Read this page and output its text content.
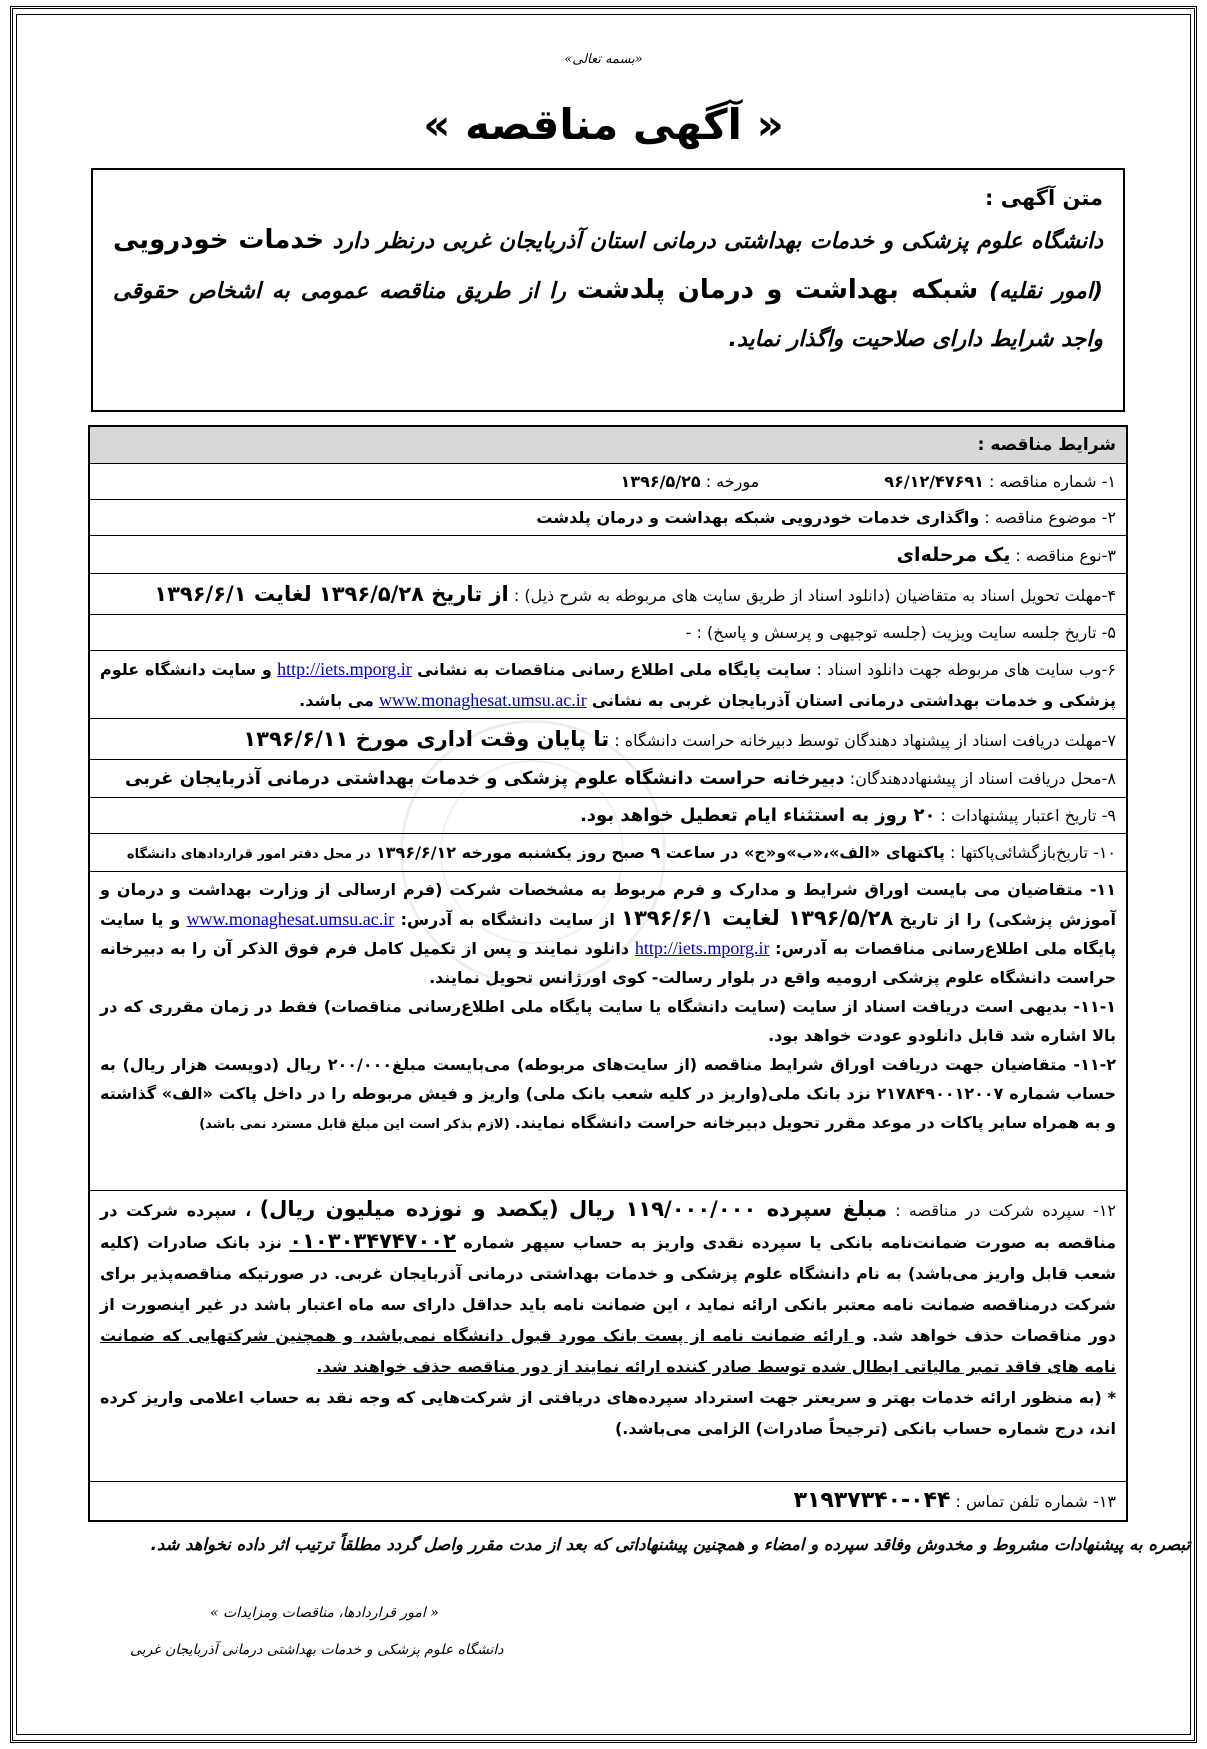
«بسمه تعالی»
« آگهی مناقصه »
متن آگهی :
دانشگاه علوم پزشکی و خدمات بهداشتی درمانی استان آذربایجان غربی درنظر دارد خدمات خودرویی (امور نقلیه) شبکه بهداشت و درمان پلدشت را از طریق مناقصه عمومی به اشخاص حقوقی واجد شرایط دارای صلاحیت واگذار نماید.
شرایط مناقصه :
۱- شماره مناقصه : ۹۶/۱۲/۴۷۶۹۱ مورخه : ۱۳۹۶/۵/۲۵
۲- موضوع مناقصه : واگذاری خدمات خودرویی شبکه بهداشت و درمان پلدشت
۳-نوع مناقصه : یک مرحله‌ای
۴-مهلت تحویل اسناد به متقاضیان (دانلود اسناد از طریق سایت های مربوطه به شرح ذیل) : از تاریخ ۱۳۹۶/۵/۲۸ لغایت ۱۳۹۶/۶/۱
۵- تاریخ جلسه سایت ویزیت (جلسه توجیهی و پرسش و پاسخ) : -
۶-وب سایت های مربوطه جهت دانلود اسناد : سایت پایگاه ملی اطلاع رسانی مناقصات به نشانی http://iets.mporg.ir و سایت دانشگاه علوم پزشکی و خدمات بهداشتی درمانی استان آذربایجان غربی به نشانی www.monaghesat.umsu.ac.ir می باشد.
۷-مهلت دریافت اسناد از پیشنهاد دهندگان توسط دبیرخانه حراست دانشگاه : تا پایان وقت اداری مورخ ۱۳۹۶/۶/۱۱
۸-محل دریافت اسناد از پیشنهاددهندگان: دبیرخانه حراست دانشگاه علوم پزشکی و خدمات بهداشتی درمانی آذربایجان غربی
۹- تاریخ اعتبار پیشنهادات : ۲۰ روز به استثناء ایام تعطیل خواهد بود.
۱۰- تاریخ‌بازگشائی‌پاکتها : پاکتهای «الف»،«ب»و«ج» در ساعت ۹ صبح روز یکشنبه مورخه ۱۳۹۶/۶/۱۲ در محل دفتر امور قراردادهای دانشگاه
۱۱- متقاضیان می بایست اوراق شرایط و مدارک و فرم مربوط به مشخصات شرکت (فرم ارسالی از وزارت بهداشت و درمان و آموزش پزشکی) را از تاریخ ۱۳۹۶/۵/۲۸ لغایت ۱۳۹۶/۶/۱ از سایت دانشگاه به آدرس: www.monaghesat.umsu.ac.ir و یا سایت پایگاه ملی اطلاع‌رسانی مناقصات به آدرس: http://iets.mporg.ir دانلود نمایند و پس از تکمیل کامل فرم فوق الذکر آن را به دبیرخانه حراست دانشگاه علوم پزشکی ارومیه واقع در بلوار رسالت- کوی اورژانس تحویل نمایند.
۱۱-۱- بدیهی است دریافت اسناد از سایت (سایت دانشگاه یا سایت پایگاه ملی اطلاع‌رسانی مناقصات) فقط در زمان مقرری که در بالا اشاره شد قابل دانلودو عودت خواهد بود.
۱۱-۲- متقاضیان جهت دریافت اوراق شرایط مناقصه (از سایت‌های مربوطه) می‌بایست مبلغ۲۰۰/۰۰۰ ریال (دویست هزار ریال) به حساب شماره ۲۱۷۸۴۹۰۰۱۲۰۰۷ نزد بانک ملی(واریز در کلیه شعب بانک ملی) واریز و فیش مربوطه را در داخل پاکت «الف» گذاشته و به همراه سایر پاکات در موعد مقرر تحویل دبیرخانه حراست دانشگاه نمایند. (لازم بذکر است این مبلغ قابل مسترد نمی باشد)
۱۲- سپرده شرکت در مناقصه : مبلغ سپرده ۱۱۹/۰۰۰/۰۰۰ ریال (یکصد و نوزده میلیون ریال) ، سپرده شرکت در مناقصه به صورت ضمانت‌نامه بانکی یا سپرده نقدی واریز به حساب سپهر شماره ۰۱۰۳۰۳۴۷۴۷۰۰۲ نزد بانک صادرات (کلیه شعب قابل واریز می‌باشد) به نام دانشگاه علوم پزشکی و خدمات بهداشتی درمانی آذربایجان غربی. در صورتیکه مناقصه‌پذیر برای شرکت درمناقصه ضمانت نامه معتبر بانکی ارائه نماید ، این ضمانت نامه باید حداقل دارای سه ماه اعتبار باشد در غیر اینصورت از دور مناقصات حذف خواهد شد. و ارائه ضمانت نامه از پست بانک مورد قبول دانشگاه نمی‌باشد، و همچنین شرکتهایی که ضمانت نامه های فاقد تمبر مالیاتی ابطال شده توسط صادر کننده ارائه نمایند از دور مناقصه حذف خواهند شد.
* (به منظور ارائه خدمات بهتر و سریعتر جهت استرداد سپرده‌های دریافتی از شرکت‌هایی که وجه نقد به حساب اعلامی واریز کرده اند، درج شماره حساب بانکی (ترجیحاً صادرات) الزامی می‌باشد.)
۱۳- شماره تلفن تماس : ۰۴۴-۳۱۹۳۷۳۴۰
تبصره به پیشنهادات مشروط و مخدوش وفاقد سپرده و امضاء و همچنین پیشنهاداتی که بعد از مدت مقرر واصل گردد مطلقاً ترتیب اثر داده نخواهد شد.
« امور قراردادها، مناقصات ومزایدات »
دانشگاه علوم پزشکی و خدمات بهداشتی درمانی آذربایجان غربی
